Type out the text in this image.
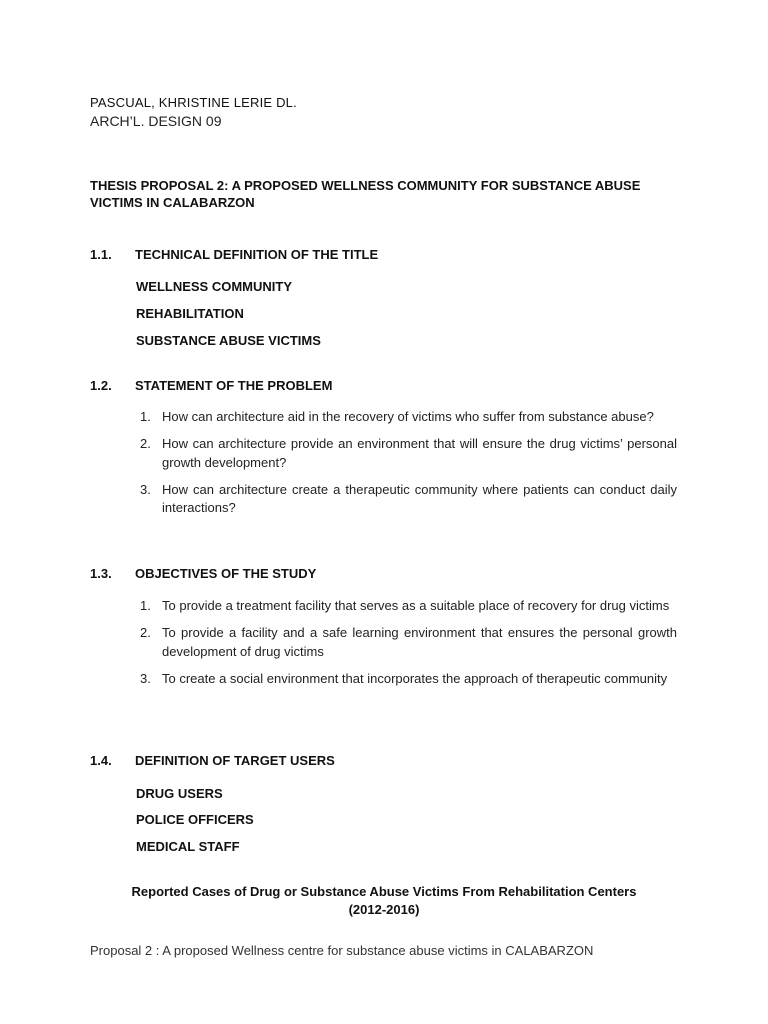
PASCUAL, KHRISTINE LERIE DL.
ARCH’L. DESIGN 09
THESIS PROPOSAL 2: A PROPOSED WELLNESS COMMUNITY FOR SUBSTANCE ABUSE VICTIMS IN CALABARZON
1.1. TECHNICAL DEFINITION OF THE TITLE
WELLNESS COMMUNITY
REHABILITATION
SUBSTANCE ABUSE VICTIMS
1.2. STATEMENT OF THE PROBLEM
1. How can architecture aid in the recovery of victims who suffer from substance abuse?
2. How can architecture provide an environment that will ensure the drug victims’ personal growth development?
3. How can architecture create a therapeutic community where patients can conduct daily interactions?
1.3. OBJECTIVES OF THE STUDY
1. To provide a treatment facility that serves as a suitable place of recovery for drug victims
2. To provide a facility and a safe learning environment that ensures the personal growth development of drug victims
3. To create a social environment that incorporates the approach of therapeutic community
1.4. DEFINITION OF TARGET USERS
DRUG USERS
POLICE OFFICERS
MEDICAL STAFF
Reported Cases of Drug or Substance Abuse Victims From Rehabilitation Centers
(2012-2016)
Proposal 2 : A proposed Wellness centre for substance abuse victims in CALABARZON
